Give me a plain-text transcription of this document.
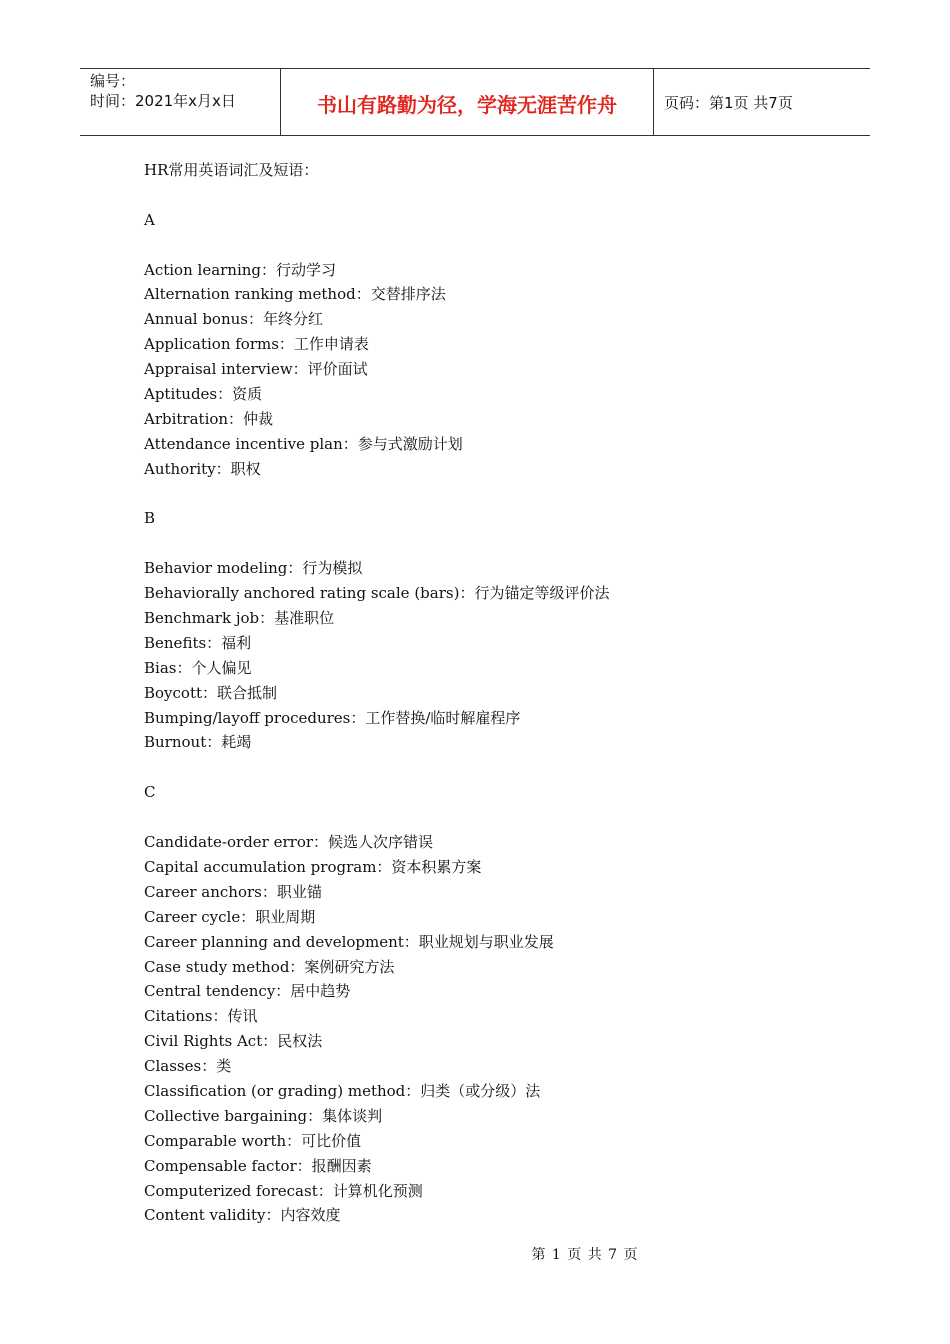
编号：
时间：2021年x月x日	书山有路勤为径，学海无涯苦作舟	页码：第1页 共7页
HR常用英语词汇及短语：
A
Action learning：行动学习
Alternation ranking method：交替排序法
Annual bonus：年终分红
Application forms：工作申请表
Appraisal interview：评价面试
Aptitudes：资质
Arbitration：仲裁
Attendance incentive plan：参与式激励计划
Authority：职权
B
Behavior modeling：行为模拟
Behaviorally anchored rating scale (bars)：行为锚定等级评价法
Benchmark job：基准职位
Benefits：福利
Bias：个人偏见
Boycott：联合抵制
Bumping/layoff procedures：工作替换/临时解雇程序
Burnout：耗竭
C
Candidate-order error：候选人次序错误
Capital accumulation program：资本积累方案
Career anchors：职业锚
Career cycle：职业周期
Career planning and development：职业规划与职业发展
Case study method：案例研究方法
Central tendency：居中趋势
Citations：传讯
Civil Rights Act：民权法
Classes：类
Classification (or grading) method：归类（或分级）法
Collective bargaining：集体谈判
Comparable worth：可比价值
Compensable factor：报酬因素
Computerized forecast：计算机化预测
Content validity：内容效度
第 1 页 共 7 页
